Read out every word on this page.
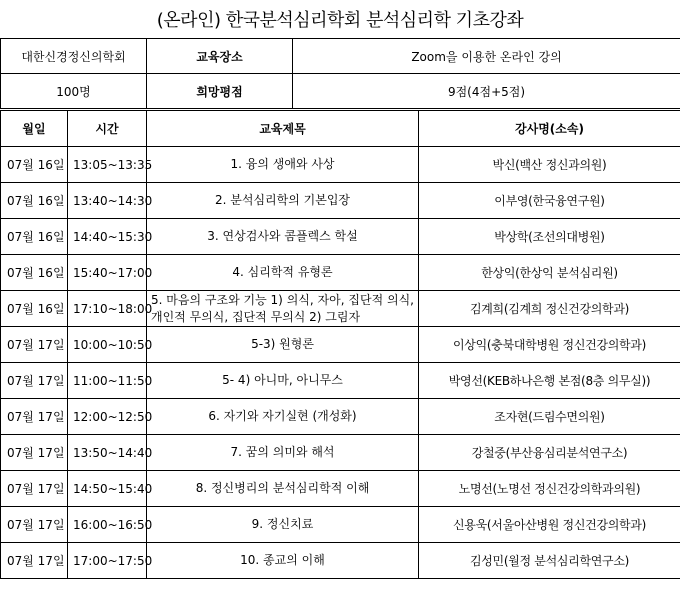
(온라인) 한국분석심리학회 분석심리학 기초강좌
대한신경정신의학회	교육장소	Zoom을 이용한 온라인 강의
100명	희망평점	9점(4점+5점)
월일	시간	교육제목	강사명(소속)
07월 16일	13:05~13:35	1. 융의 생애와 사상	박신(백산 정신과의원)
07월 16일	13:40~14:30	2. 분석심리학의 기본입장	이부영(한국융연구원)
07월 16일	14:40~15:30	3. 연상검사와 콤플렉스 학설	박상학(조선의대병원)
07월 16일	15:40~17:00	4. 심리학적 유형론	한상익(한상익 분석심리원)
07월 16일	17:10~18:00	5. 마음의 구조와 기능 1) 의식, 자아, 집단적 의식, 개인적 무의식, 집단적 무의식 2) 그림자	김계희(김계희 정신건강의학과)
07월 17일	10:00~10:50	5-3) 원형론	이상익(충북대학병원 정신건강의학과)
07월 17일	11:00~11:50	5- 4) 아니마, 아니무스	박영선(KEB하나은행 본점(8층 의무실))
07월 17일	12:00~12:50	6. 자기와 자기실현 (개성화)	조자현(드림수면의원)
07월 17일	13:50~14:40	7. 꿈의 의미와 해석	강철중(부산융심리분석연구소)
07월 17일	14:50~15:40	8. 정신병리의 분석심리학적 이해	노명선(노명선 정신건강의학과의원)
07월 17일	16:00~16:50	9. 정신치료	신용욱(서울아산병원 정신건강의학과)
07월 17일	17:00~17:50	10. 종교의 이해	김성민(월정 분석심리학연구소)
